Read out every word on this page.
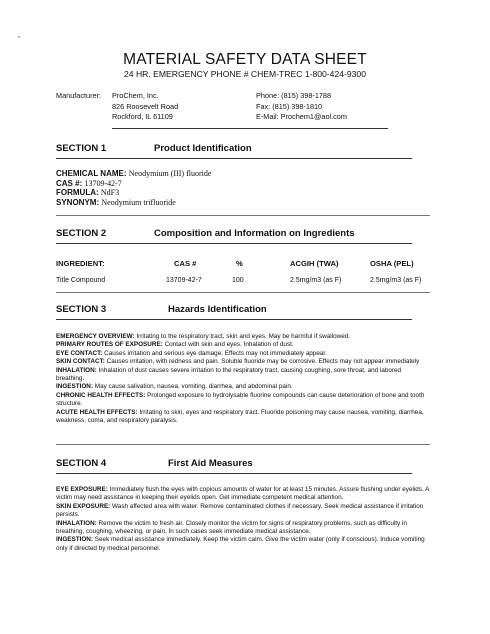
MATERIAL SAFETY DATA SHEET
24 HR. EMERGENCY PHONE # CHEM-TREC 1-800-424-9300
Manufacturer: ProChem, Inc.
826 Roosevelt Road
Rockford, IL 61109
Phone: (815) 398-1788
Fax: (815) 398-1810
E-Mail: Prochem1@aol.com
SECTION 1	Product Identification
CHEMICAL NAME: Neodymium (III) fluoride
CAS #: 13709-42-7
FORMULA: NdF3
SYNONYM: Neodymium trifluoride
SECTION 2	Composition and Information on Ingredients
INGREDIENT:	CAS #	%	ACGIH (TWA)	OSHA (PEL)
Title Compound	13709-42-7	100	2.5mg/m3 (as F)	2.5mg/m3 (as F)
SECTION 3	Hazards Identification

EMERGENCY OVERVIEW: Irritating to the respiratory tract, skin and eyes. May be harmful if swallowed.

PRIMARY ROUTES OF EXPOSURE: Contact with skin and eyes. Inhalation of dust.

EYE CONTACT: Causes irritation and serious eye damage. Effects may not immediately appear.

SKIN CONTACT: Causes irritation, with redness and pain. Soluble fluoride may be corrosive. Effects may not appear immediately

INHALATION: Inhalation of dust causes severe irritation to the respiratory tract, causing coughing, sore throat, and labored breathing.

INGESTION: May cause salivation, nausea, vomiting, diarrhea, and abdominal pain.

CHRONIC HEALTH EFFECTS: Prolonged exposure to hydrolysable fluorine compounds can cause deterioration of bone and tooth structure.

ACUTE HEALTH EFFECTS: Irritating to skin, eyes and respiratory tract. Fluoride poisoning may cause nausea, vomiting, diarrhea, weakness, coma, and respiratory paralysis.

SECTION 4	First Aid Measures

EYE EXPOSURE: Immediately flush the eyes with copious amounts of water for at least 15 minutes. Assure flushing under eyelids. A victim may need assistance in keeping their eyelids open. Get immediate competent medical attention.

SKIN EXPOSURE: Wash affected area with water. Remove contaminated clothes if necessary. Seek medical assistance if irritation persists.

INHALATION: Remove the victim to fresh air. Closely monitor the victim for signs of respiratory problems, such as difficulty in breathing, coughing, wheezing, or pain. In such cases seek immediate medical assistance.

INGESTION: Seek medical assistance immediately. Keep the victim calm. Give the victim water (only if conscious). Induce vomiting only if directed by medical personnel.
